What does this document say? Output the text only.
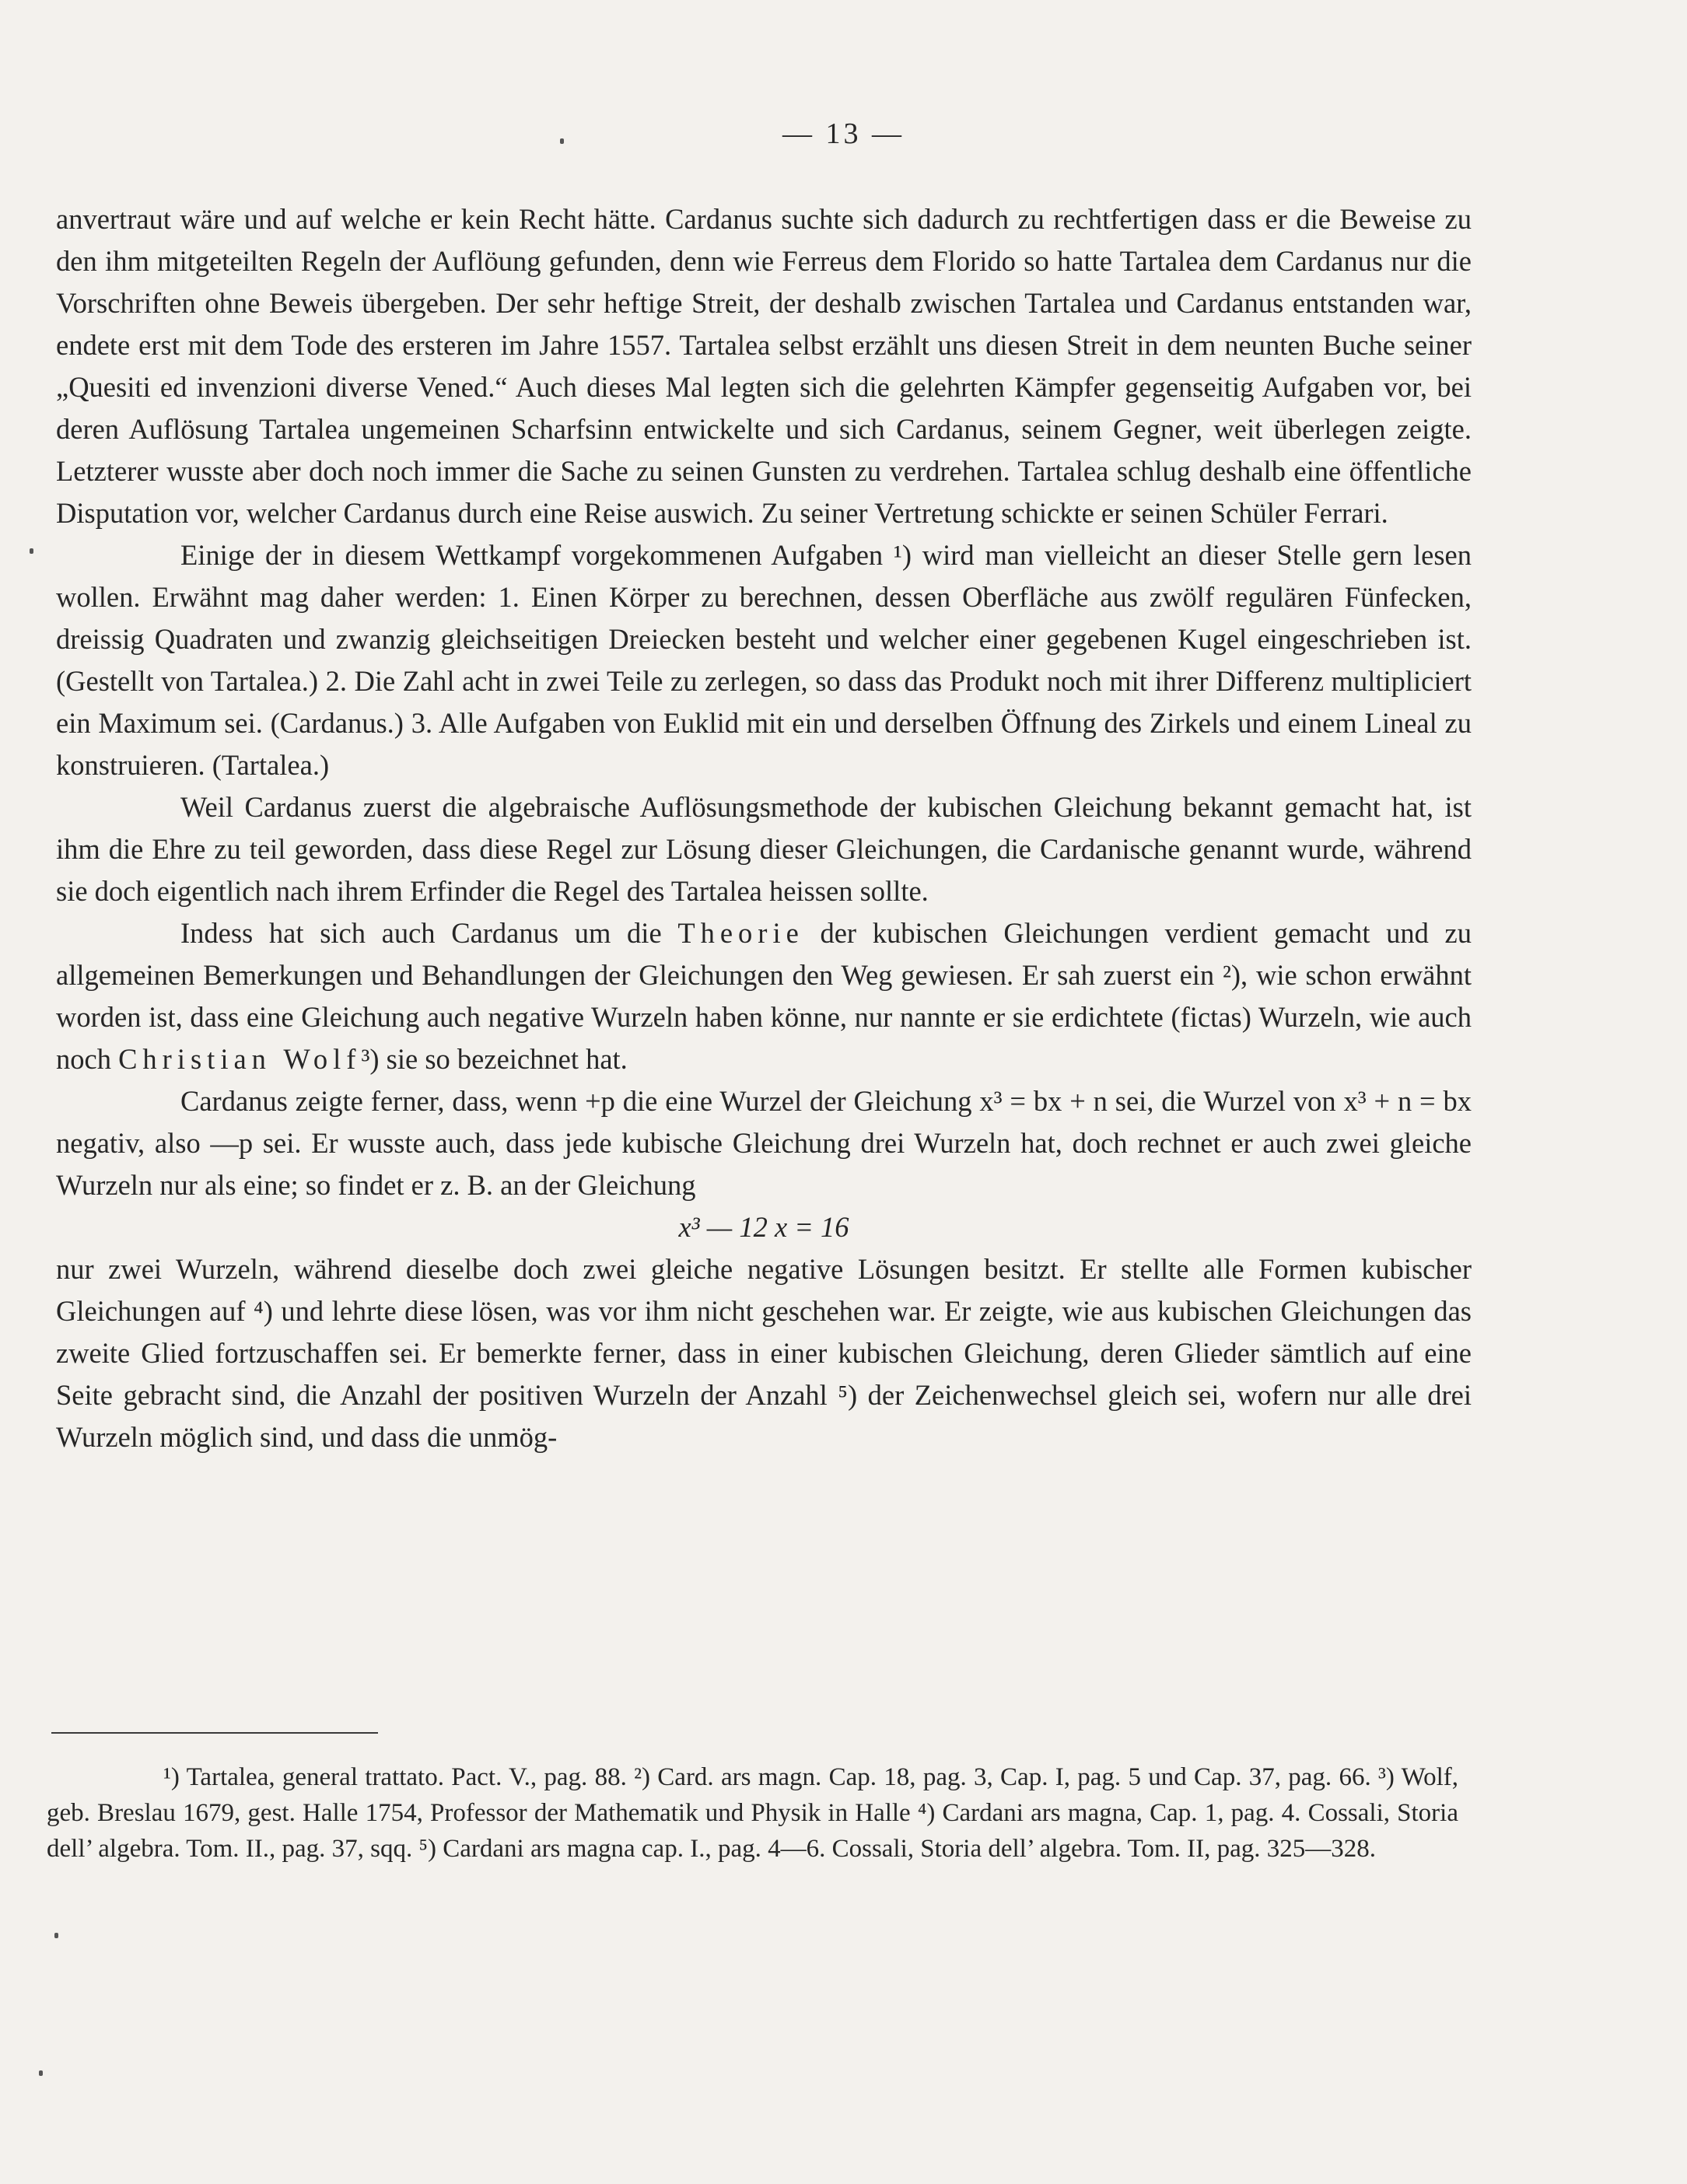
— 13 —

anvertraut wäre und auf welche er kein Recht hätte. Cardanus suchte sich dadurch zu rechtfertigen dass er die Beweise zu den ihm mitgeteilten Regeln der Auflöung gefunden, denn wie Ferreus dem Florido so hatte Tartalea dem Cardanus nur die Vorschriften ohne Beweis übergeben. Der sehr heftige Streit, der deshalb zwischen Tartalea und Cardanus entstanden war, endete erst mit dem Tode des ersteren im Jahre 1557. Tartalea selbst erzählt uns diesen Streit in dem neunten Buche seiner „Quesiti ed invenzioni diverse Vened.“ Auch dieses Mal legten sich die gelehrten Kämpfer gegenseitig Aufgaben vor, bei deren Auflösung Tartalea ungemeinen Scharfsinn entwickelte und sich Cardanus, seinem Gegner, weit überlegen zeigte. Letzterer wusste aber doch noch immer die Sache zu seinen Gunsten zu verdrehen. Tartalea schlug deshalb eine öffentliche Disputation vor, welcher Cardanus durch eine Reise auswich. Zu seiner Vertretung schickte er seinen Schüler Ferrari.

Einige der in diesem Wettkampf vorgekommenen Aufgaben ¹) wird man vielleicht an dieser Stelle gern lesen wollen. Erwähnt mag daher werden: 1. Einen Körper zu berechnen, dessen Oberfläche aus zwölf regulären Fünfecken, dreissig Quadraten und zwanzig gleichseitigen Dreiecken besteht und welcher einer gegebenen Kugel eingeschrieben ist. (Gestellt von Tartalea.) 2. Die Zahl acht in zwei Teile zu zerlegen, so dass das Produkt noch mit ihrer Differenz multipliciert ein Maximum sei. (Cardanus.) 3. Alle Aufgaben von Euklid mit ein und derselben Öffnung des Zirkels und einem Lineal zu konstruieren. (Tartalea.)

Weil Cardanus zuerst die algebraische Auflösungsmethode der kubischen Gleichung bekannt gemacht hat, ist ihm die Ehre zu teil geworden, dass diese Regel zur Lösung dieser Gleichungen, die Cardanische genannt wurde, während sie doch eigentlich nach ihrem Erfinder die Regel des Tartalea heissen sollte.

Indess hat sich auch Cardanus um die Theorie der kubischen Gleichungen verdient gemacht und zu allgemeinen Bemerkungen und Behandlungen der Gleichungen den Weg gewiesen. Er sah zuerst ein ²), wie schon erwähnt worden ist, dass eine Gleichung auch negative Wurzeln haben könne, nur nannte er sie erdichtete (fictas) Wurzeln, wie auch noch Christian Wolf³) sie so bezeichnet hat.

Cardanus zeigte ferner, dass, wenn +p die eine Wurzel der Gleichung x³ = bx + n sei, die Wurzel von x³ + n = bx negativ, also —p sei. Er wusste auch, dass jede kubische Gleichung drei Wurzeln hat, doch rechnet er auch zwei gleiche Wurzeln nur als eine; so findet er z. B. an der Gleichung

x³ — 12 x = 16

nur zwei Wurzeln, während dieselbe doch zwei gleiche negative Lösungen besitzt. Er stellte alle Formen kubischer Gleichungen auf ⁴) und lehrte diese lösen, was vor ihm nicht geschehen war. Er zeigte, wie aus kubischen Gleichungen das zweite Glied fortzuschaffen sei. Er bemerkte ferner, dass in einer kubischen Gleichung, deren Glieder sämtlich auf eine Seite gebracht sind, die Anzahl der positiven Wurzeln der Anzahl ⁵) der Zeichenwechsel gleich sei, wofern nur alle drei Wurzeln möglich sind, und dass die unmög-

¹) Tartalea, general trattato. Pact. V., pag. 88. ²) Card. ars magn. Cap. 18, pag. 3, Cap. I, pag. 5 und Cap. 37, pag. 66. ³) Wolf, geb. Breslau 1679, gest. Halle 1754, Professor der Mathematik und Physik in Halle ⁴) Cardani ars magna, Cap. 1, pag. 4. Cossali, Storia dell’ algebra. Tom. II., pag. 37, sqq. ⁵) Cardani ars magna cap. I., pag. 4—6. Cossali, Storia dell’ algebra. Tom. II, pag. 325—328.
